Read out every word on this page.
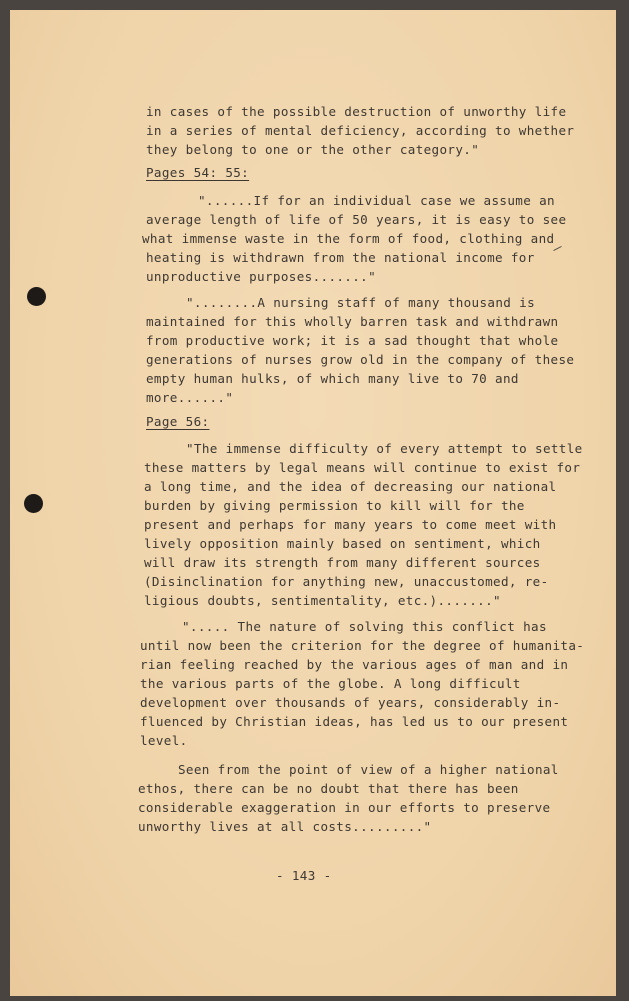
in cases of the possible destruction of unworthy life

in a series of mental deficiency, according to whether

they belong to one or the other category."

Pages 54: 55:

"......If for an individual case we assume an

average length of life of 50 years, it is easy to see

what immense waste in the form of food, clothing and

heating is withdrawn from the national income for

unproductive purposes......."

"........A nursing staff of many thousand is

maintained for this wholly barren task and withdrawn

from productive work; it is a sad thought that whole

generations of nurses grow old in the company of these

empty human hulks, of which many live to 70 and

more......"

Page 56:

"The immense difficulty of every attempt to settle

these matters by legal means will continue to exist for

a long time, and the idea of decreasing our national

burden by giving permission to kill will for the

present and perhaps for many years to come meet with

lively opposition mainly based on sentiment, which

will draw its strength from many different sources

(Disinclination for anything new, unaccustomed, re-

ligious doubts, sentimentality, etc.)......."

"..... The nature of solving this conflict has

until now been the criterion for the degree of humanita-

rian feeling reached by the various ages of man and in

the various parts of the globe. A long difficult

development over thousands of years, considerably in-

fluenced by Christian ideas, has led us to our present

level.

Seen from the point of view of a higher national

ethos, there can be no doubt that there has been

considerable exaggeration in our efforts to preserve

unworthy lives at all costs........."

- 143 -
